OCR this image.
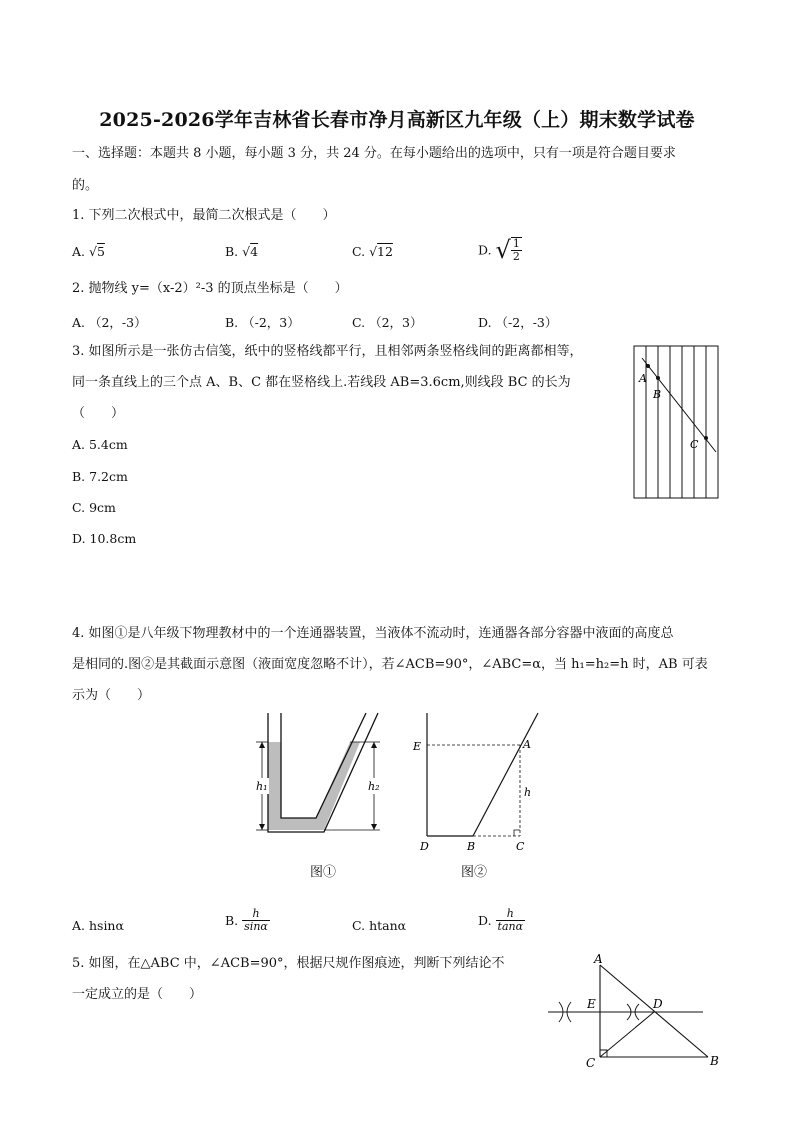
2025-2026学年吉林省长春市净月高新区九年级（上）期末数学试卷
一、选择题：本题共 8 小题，每小题 3 分，共 24 分。在每小题给出的选项中，只有一项是符合题目要求
的。
1. 下列二次根式中，最简二次根式是（　　）
A. √5	B. √4	C. √12	D. √ $\frac{1}{2}$
2. 抛物线 y=（x-2）²-3 的顶点坐标是（　　）
A. （2，-3）	B. （-2，3）	C. （2，3）	D. （-2，-3）
3. 如图所示是一张仿古信笺，纸中的竖格线都平行，且相邻两条竖格线间的距离都相等，
同一条直线上的三个点 A、B、C 都在竖格线上.若线段 AB=3.6cm,则线段 BC 的长为
（　　）
A. 5.4cm
B. 7.2cm
C. 9cm
D. 10.8cm
A
B
C
4. 如图①是八年级下物理教材中的一个连通器装置，当液体不流动时，连通器各部分容器中液面的高度总
是相同的.图②是其截面示意图（液面宽度忽略不计），若∠ACB=90°，∠ABC=α，当 h₁=h₂=h 时，AB 可表
示为（　　）
h₁	h₂
图①
E	A
h
D	B	C
图②
A. hsinα	B. $\frac{h}{\sin\alpha}$	C. htanα	D. $\frac{h}{\tan\alpha}$
5. 如图，在△ABC 中，∠ACB=90°，根据尺规作图痕迹，判断下列结论不
一定成立的是（　　）
A
E	D
C	B
